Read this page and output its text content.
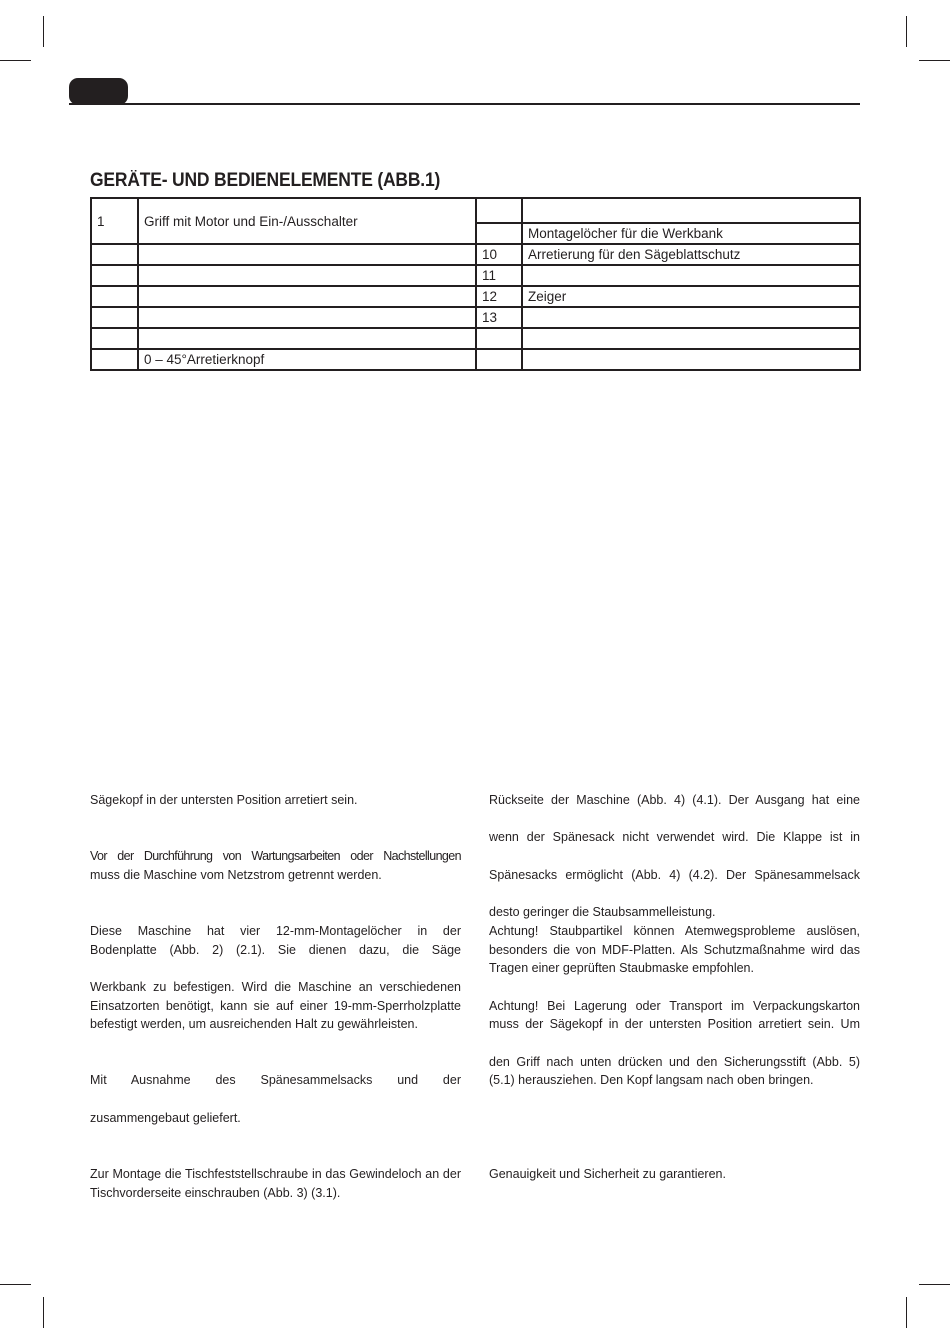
GERÄTE- UND BEDIENELEMENTE (ABB.1)
1	Griff mit Motor und Ein-/Ausschalter		
			Montagelöcher für die Werkbank
		10	Arretierung für den Sägeblattschutz
		11	
		12	Zeiger
		13	

	0 – 45°Arretierknopf		

Sägekopf in der untersten Position arretiert sein.

Vor der Durchführung von Wartungsarbeiten oder Nachstellungen
muss die Maschine vom Netzstrom getrennt werden.

Diese Maschine hat vier 12-mm-Montagelöcher in der
Bodenplatte (Abb. 2) (2.1). Sie dienen dazu, die Säge

Werkbank zu befestigen. Wird die Maschine an verschiedenen Einsatzorten benötigt, kann sie auf einer 19-mm-Sperrholzplatte befestigt werden, um ausreichenden Halt zu gewährleisten.

Mit Ausnahme des Spänesammelsacks und der

zusammengebaut geliefert.

Zur Montage die Tischfeststellschraube in das Gewindeloch an der Tischvorderseite einschrauben (Abb. 3) (3.1).

Rückseite der Maschine (Abb. 4) (4.1). Der Ausgang hat eine

wenn der Spänesack nicht verwendet wird. Die Klappe ist in

Spänesacks ermöglicht (Abb. 4) (4.2). Der Spänesammelsack

desto geringer die Staubsammelleistung.

Achtung! Staubpartikel können Atemwegsprobleme auslösen, besonders die von MDF-Platten. Als Schutzmaßnahme wird das Tragen einer geprüften Staubmaske empfohlen.

Achtung! Bei Lagerung oder Transport im Verpackungskarton muss der Sägekopf in der untersten Position arretiert sein. Um

den Griff nach unten drücken und den Sicherungsstift (Abb. 5) (5.1) herausziehen. Den Kopf langsam nach oben bringen.

Genauigkeit und Sicherheit zu garantieren.
